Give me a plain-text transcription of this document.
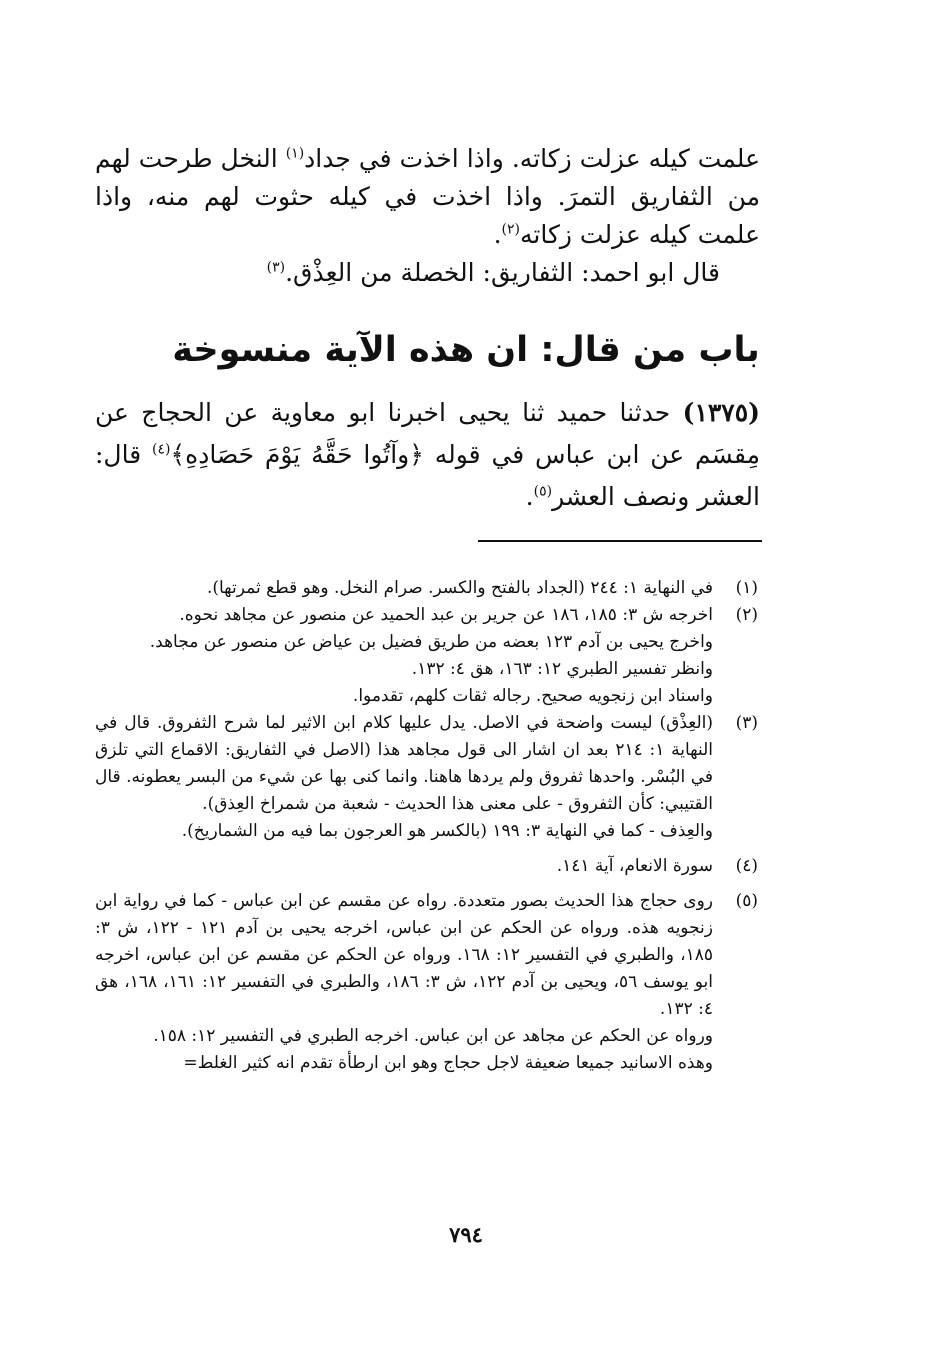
علمت كيله عزلت زكاته. واذا اخذت في جداد$^{(١)}$ النخل طرحت لهم من الثفاريق التمرَ. واذا اخذت في كيله حثوت لهم منه، واذا علمت كيله عزلت زكاته$^{(٢)}$.

قال ابو احمد: الثفاريق: الخصلة من العِذْق.$^{(٣)}$

باب من قال: ان هذه الآية منسوخة

(١٣٧٥) حدثنا حميد ثنا يحيى اخبرنا ابو معاوية عن الحجاج عن مِقسَم عن ابن عباس في قوله ﴿وآتُوا حَقَّهُ يَوْمَ حَصَادِهِ﴾$^{(٤)}$ قال: العشر ونصف العشر$^{(٥)}$.

(١)

في النهاية ١: ٢٤٤ (الجداد بالفتح والكسر. صرام النخل. وهو قطع ثمرتها).

(٢)

اخرجه ش ٣: ١٨٥، ١٨٦ عن جرير بن عبد الحميد عن منصور عن مجاهد نحوه.

واخرج يحيى بن آدم ١٢٣ بعضه من طريق فضيل بن عياض عن منصور عن مجاهد.

وانظر تفسير الطبري ١٢: ١٦٣، هق ٤: ١٣٢.

واسناد ابن زنجويه صحيح. رجاله ثقات كلهم، تقدموا.

(٣)

(العِذْق) ليست واضحة في الاصل. يدل عليها كلام ابن الاثير لما شرح الثفروق. قال في النهاية ١: ٢١٤ بعد ان اشار الى قول مجاهد هذا (الاصل في الثفاريق: الاقماع التي تلزق في البُسْر. واحدها ثفروق ولم يردها هاهنا. وانما كنى بها عن شيء من البسر يعطونه. قال القتيبي: كأن الثفروق - على معنى هذا الحديث - شعبة من شمراخ العِذق).

والعِذف - كما في النهاية ٣: ١٩٩ (بالكسر هو العرجون بما فيه من الشماريخ).

(٤)

سورة الانعام، آية ١٤١.

(٥)

روى حجاج هذا الحديث بصور متعددة. رواه عن مقسم عن ابن عباس - كما في رواية ابن زنجويه هذه. ورواه عن الحكم عن ابن عباس، اخرجه يحيى بن آدم ١٢١ - ١٢٢، ش ٣: ١٨٥، والطبري في التفسير ١٢: ١٦٨. ورواه عن الحكم عن مقسم عن ابن عباس، اخرجه ابو يوسف ٥٦، ويحيى بن آدم ١٢٢، ش ٣: ١٨٦، والطبري في التفسير ١٢: ١٦١، ١٦٨، هق ٤: ١٣٢.

ورواه عن الحكم عن مجاهد عن ابن عباس. اخرجه الطبري في التفسير ١٢: ١٥٨.

وهذه الاسانيد جميعا ضعيفة لاجل حجاج وهو ابن ارطأة تقدم انه كثير الغلط=

٧٩٤
